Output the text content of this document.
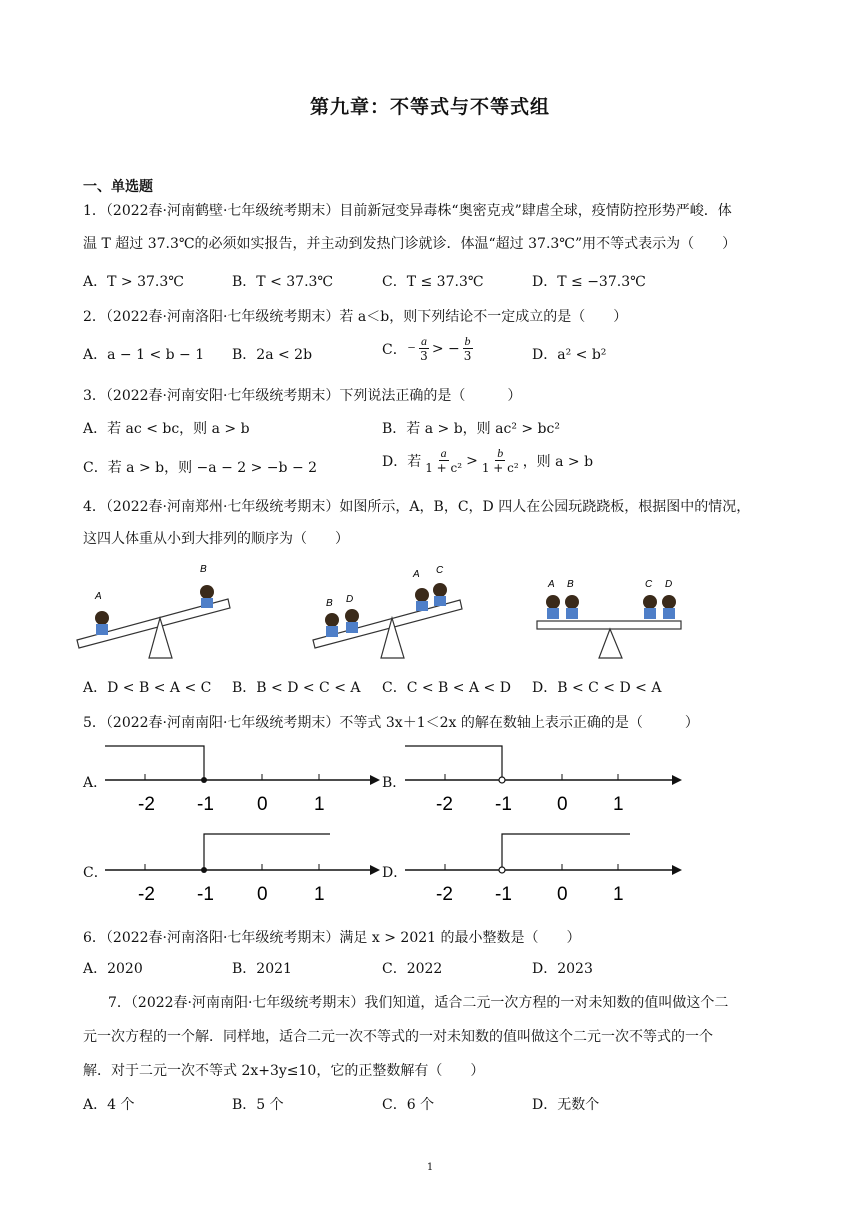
第九章：不等式与不等式组
一、单选题
1．（2022春·河南鹤壁·七年级统考期末）目前新冠变异毒株“奥密克戎”肆虐全球，疫情防控形势严峻．体
温 T 超过 37.3℃的必须如实报告，并主动到发热门诊就诊．体温“超过 37.3℃”用不等式表示为（　　）
A．T > 37.3℃	B．T < 37.3℃	C．T ≤ 37.3℃	D．T ≤ −37.3℃
2．（2022春·河南洛阳·七年级统考期末）若 a＜b，则下列结论不一定成立的是（　　）
A．a − 1 < b − 1 B．2a < 2b	C． − $\frac{a}{3}$ > − $\frac{b}{3}$	D．a² < b²
3．（2022春·河南安阳·七年级统考期末）下列说法正确的是（　　　）
A．若 ac < bc，则 a > b	B．若 a > b，则 ac² > bc²
C．若 a > b，则 −a − 2 > −b − 2	D．若 $\frac{a}{\text{1 + c²}} > \frac{b}{\text{1 + c²}}$ ，则 a > b
4．（2022春·河南郑州·七年级统考期末）如图所示，A，B，C，D 四人在公园玩跷跷板，根据图中的情况，
这四人体重从小到大排列的顺序为（　　）
A
B
B D
A C
A B	C D
A．D < B < A < C B．B < D < C < A C．C < B < A < D D．B < C < D < A
5．（2022春·河南南阳·七年级统考期末）不等式 3x＋1＜2x 的解在数轴上表示正确的是（　　　）
A．	B．
C．	D．
-2 -1 0 1	-2 -1 0 1
-2 -1 0 1	-2 -1 0 1
6．（2022春·河南洛阳·七年级统考期末）满足 x > 2021 的最小整数是（　　）
A．2020	B．2021	C．2022	D．2023
7．（2022春·河南南阳·七年级统考期末）我们知道，适合二元一次方程的一对未知数的值叫做这个二
元一次方程的一个解．同样地，适合二元一次不等式的一对未知数的值叫做这个二元一次不等式的一个
解．对于二元一次不等式 2x+3y≤10，它的正整数解有（　　）
A．4 个	B．5 个	C．6 个	D．无数个
1
